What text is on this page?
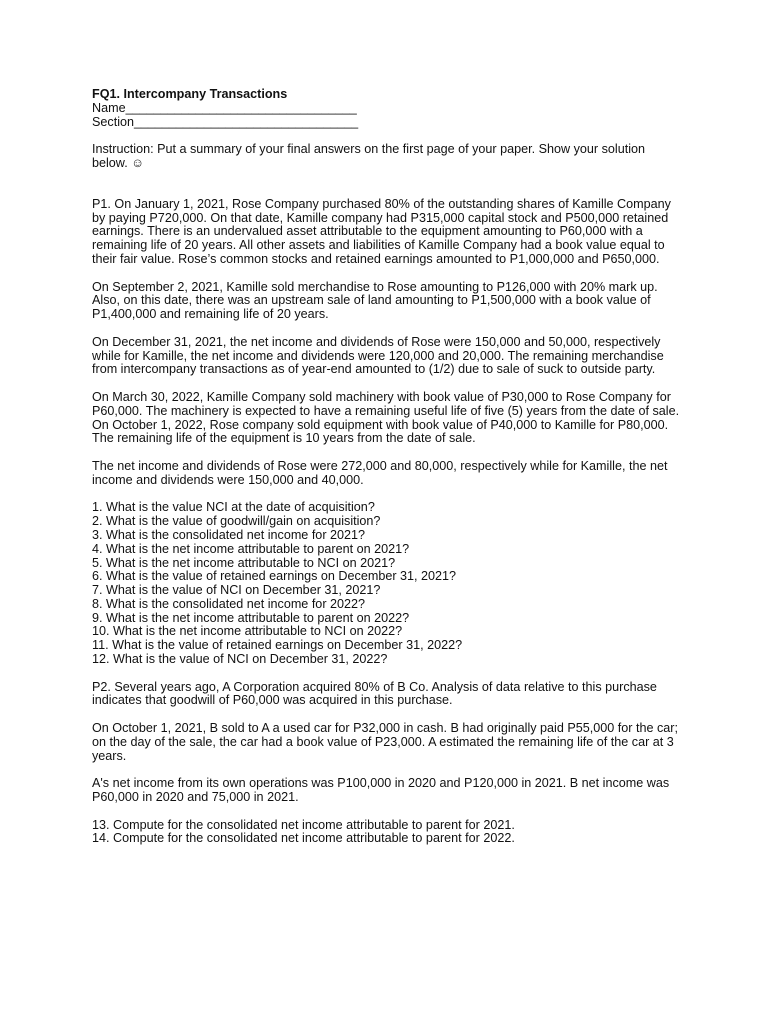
FQ1. Intercompany Transactions
Name_________________________________
Section________________________________

Instruction: Put a summary of your final answers on the first page of your paper. Show your solution below. ☺

P1. On January 1, 2021, Rose Company purchased 80% of the outstanding shares of Kamille Company by paying P720,000. On that date, Kamille company had P315,000 capital stock and P500,000 retained earnings. There is an undervalued asset attributable to the equipment amounting to P60,000 with a remaining life of 20 years. All other assets and liabilities of Kamille Company had a book value equal to their fair value. Rose’s common stocks and retained earnings amounted to P1,000,000 and P650,000.

On September 2, 2021, Kamille sold merchandise to Rose amounting to P126,000 with 20% mark up. Also, on this date, there was an upstream sale of land amounting to P1,500,000 with a book value of P1,400,000 and remaining life of 20 years.

On December 31, 2021, the net income and dividends of Rose were 150,000 and 50,000, respectively while for Kamille, the net income and dividends were 120,000 and 20,000. The remaining merchandise from intercompany transactions as of year-end amounted to (1/2) due to sale of suck to outside party.

On March 30, 2022, Kamille Company sold machinery with book value of P30,000 to Rose Company for P60,000. The machinery is expected to have a remaining useful life of five (5) years from the date of sale. On October 1, 2022, Rose company sold equipment with book value of P40,000 to Kamille for P80,000. The remaining life of the equipment is 10 years from the date of sale.

The net income and dividends of Rose were 272,000 and 80,000, respectively while for Kamille, the net income and dividends were 150,000 and 40,000.

1. What is the value NCI at the date of acquisition?
2. What is the value of goodwill/gain on acquisition?
3. What is the consolidated net income for 2021?
4. What is the net income attributable to parent on 2021?
5. What is the net income attributable to NCI on 2021?
6. What is the value of retained earnings on December 31, 2021?
7. What is the value of NCI on December 31, 2021?
8. What is the consolidated net income for 2022?
9. What is the net income attributable to parent on 2022?
10. What is the net income attributable to NCI on 2022?
11. What is the value of retained earnings on December 31, 2022?
12. What is the value of NCI on December 31, 2022?

P2. Several years ago, A Corporation acquired 80% of B Co. Analysis of data relative to this purchase indicates that goodwill of P60,000 was acquired in this purchase.

On October 1, 2021, B sold to A a used car for P32,000 in cash. B had originally paid P55,000 for the car; on the day of the sale, the car had a book value of P23,000. A estimated the remaining life of the car at 3 years.

A's net income from its own operations was P100,000 in 2020 and P120,000 in 2021. B net income was P60,000 in 2020 and 75,000 in 2021.

13. Compute for the consolidated net income attributable to parent for 2021.
14. Compute for the consolidated net income attributable to parent for 2022.
